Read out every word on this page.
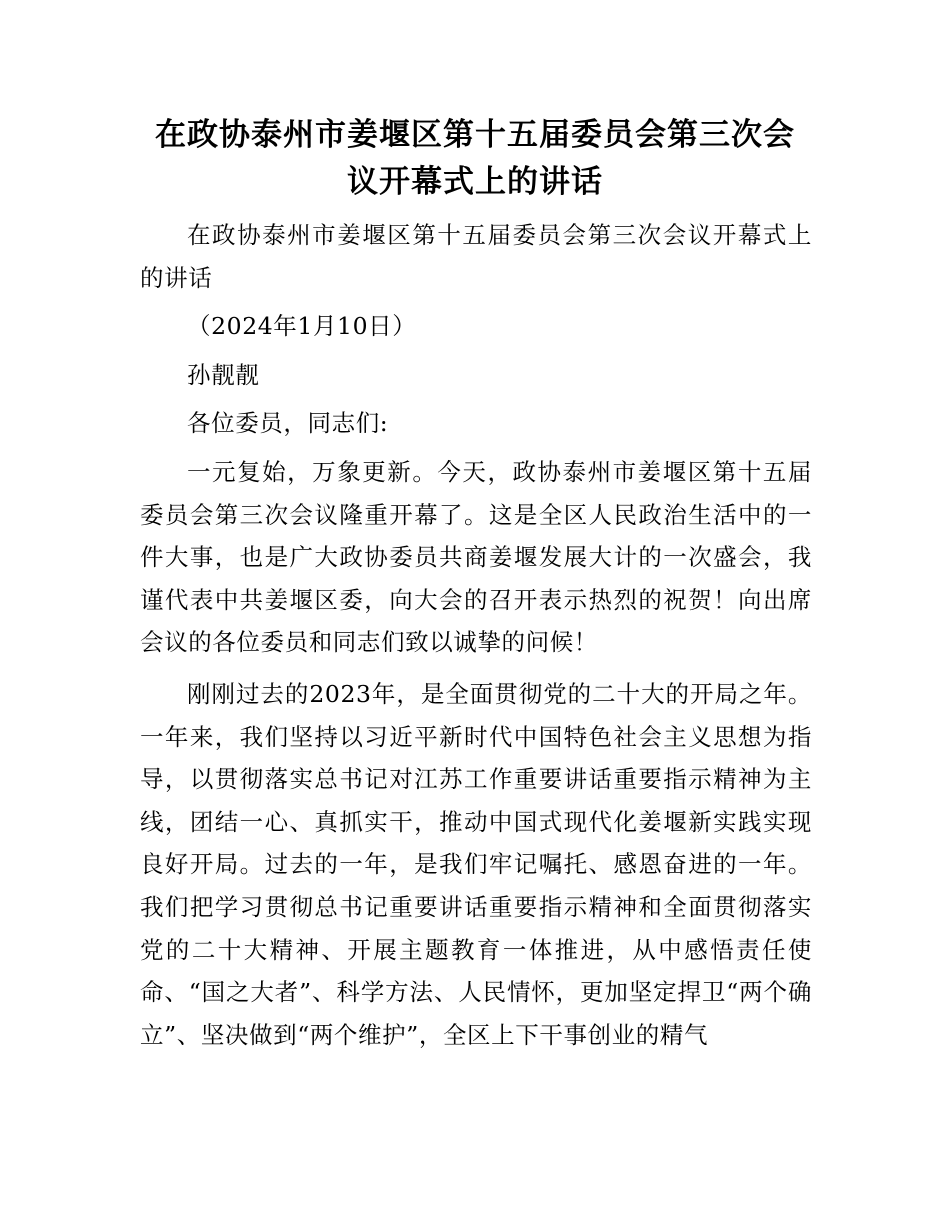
在政协泰州市姜堰区第十五届委员会第三次会议开幕式上的讲话

在政协泰州市姜堰区第十五届委员会第三次会议开幕式上的讲话

（2024年1月10日）

孙靓靓

各位委员，同志们:

一元复始，万象更新。今天，政协泰州市姜堰区第十五届委员会第三次会议隆重开幕了。这是全区人民政治生活中的一件大事，也是广大政协委员共商姜堰发展大计的一次盛会，我谨代表中共姜堰区委，向大会的召开表示热烈的祝贺！向出席会议的各位委员和同志们致以诚挚的问候！

刚刚过去的2023年，是全面贯彻党的二十大的开局之年。一年来，我们坚持以习近平新时代中国特色社会主义思想为指导，以贯彻落实总书记对江苏工作重要讲话重要指示精神为主线，团结一心、真抓实干，推动中国式现代化姜堰新实践实现良好开局。过去的一年，是我们牢记嘱托、感恩奋进的一年。我们把学习贯彻总书记重要讲话重要指示精神和全面贯彻落实党的二十大精神、开展主题教育一体推进，从中感悟责任使命、“国之大者”、科学方法、人民情怀，更加坚定捍卫“两个确立”、坚决做到“两个维护”，全区上下干事创业的精气
